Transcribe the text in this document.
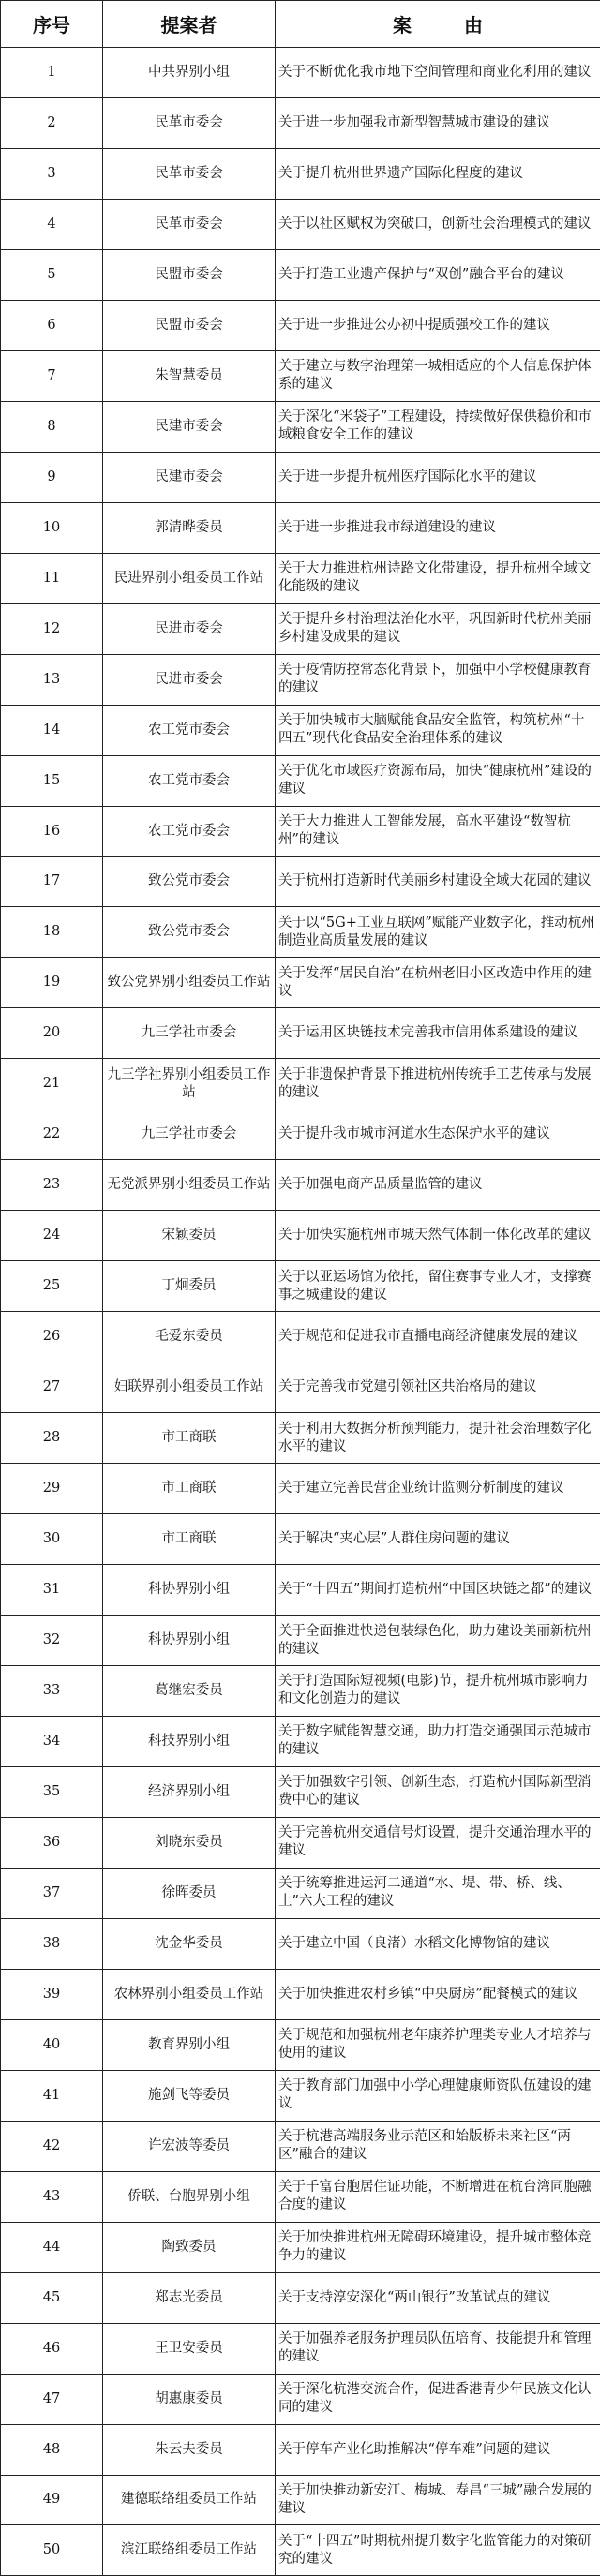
序号	提案者	案由
1	中共界别小组	关于不断优化我市地下空间管理和商业化利用的建议
2	民革市委会	关于进一步加强我市新型智慧城市建设的建议
3	民革市委会	关于提升杭州世界遗产国际化程度的建议
4	民革市委会	关于以社区赋权为突破口，创新社会治理模式的建议
5	民盟市委会	关于打造工业遗产保护与“双创”融合平台的建议
6	民盟市委会	关于进一步推进公办初中提质强校工作的建议
7	朱智慧委员	关于建立与数字治理第一城相适应的个人信息保护体系的建议
8	民建市委会	关于深化“米袋子”工程建设，持续做好保供稳价和市域粮食安全工作的建议
9	民建市委会	关于进一步提升杭州医疗国际化水平的建议
10	郭清晔委员	关于进一步推进我市绿道建设的建议
11	民进界别小组委员工作站	关于大力推进杭州诗路文化带建设，提升杭州全域文化能级的建议
12	民进市委会	关于提升乡村治理法治化水平，巩固新时代杭州美丽乡村建设成果的建议
13	民进市委会	关于疫情防控常态化背景下，加强中小学校健康教育的建议
14	农工党市委会	关于加快城市大脑赋能食品安全监管，构筑杭州“十四五”现代化食品安全治理体系的建议
15	农工党市委会	关于优化市域医疗资源布局，加快“健康杭州”建设的建议
16	农工党市委会	关于大力推进人工智能发展，高水平建设“数智杭州”的建议
17	致公党市委会	关于杭州打造新时代美丽乡村建设全域大花园的建议
18	致公党市委会	关于以“5G+工业互联网”赋能产业数字化，推动杭州制造业高质量发展的建议
19	致公党界别小组委员工作站	关于发挥“居民自治”在杭州老旧小区改造中作用的建议
20	九三学社市委会	关于运用区块链技术完善我市信用体系建设的建议
21	九三学社界别小组委员工作站	关于非遗保护背景下推进杭州传统手工艺传承与发展的建议
22	九三学社市委会	关于提升我市城市河道水生态保护水平的建议
23	无党派界别小组委员工作站	关于加强电商产品质量监管的建议
24	宋颖委员	关于加快实施杭州市城天然气体制一体化改革的建议
25	丁炯委员	关于以亚运场馆为依托，留住赛事专业人才，支撑赛事之城建设的建议
26	毛爱东委员	关于规范和促进我市直播电商经济健康发展的建议
27	妇联界别小组委员工作站	关于完善我市党建引领社区共治格局的建议
28	市工商联	关于利用大数据分析预判能力，提升社会治理数字化水平的建议
29	市工商联	关于建立完善民营企业统计监测分析制度的建议
30	市工商联	关于解决“夹心层”人群住房问题的建议
31	科协界别小组	关于“十四五”期间打造杭州“中国区块链之都”的建议
32	科协界别小组	关于全面推进快递包装绿色化，助力建设美丽新杭州的建议
33	葛继宏委员	关于打造国际短视频(电影)节，提升杭州城市影响力和文化创造力的建议
34	科技界别小组	关于数字赋能智慧交通，助力打造交通强国示范城市的建议
35	经济界别小组	关于加强数字引领、创新生态，打造杭州国际新型消费中心的建议
36	刘晓东委员	关于完善杭州交通信号灯设置，提升交通治理水平的建议
37	徐晖委员	关于统筹推进运河二通道“水、堤、带、桥、线、土”六大工程的建议
38	沈金华委员	关于建立中国（良渚）水稻文化博物馆的建议
39	农林界别小组委员工作站	关于加快推进农村乡镇“中央厨房”配餐模式的建议
40	教育界别小组	关于规范和加强杭州老年康养护理类专业人才培养与使用的建议
41	施剑飞等委员	关于教育部门加强中小学心理健康师资队伍建设的建议
42	许宏波等委员	关于杭港高端服务业示范区和始版桥未来社区“两区”融合的建议
43	侨联、台胞界别小组	关于千富台胞居住证功能，不断增进在杭台湾同胞融合度的建议
44	陶致委员	关于加快推进杭州无障碍环境建设，提升城市整体竞争力的建议
45	郑志光委员	关于支持淳安深化“两山银行”改革试点的建议
46	王卫安委员	关于加强养老服务护理员队伍培育、技能提升和管理的建议
47	胡惠康委员	关于深化杭港交流合作，促进香港青少年民族文化认同的建议
48	朱云夫委员	关于停车产业化助推解决“停车难”问题的建议
49	建德联络组委员工作站	关于加快推动新安江、梅城、寿昌“三城”融合发展的建议
50	滨江联络组委员工作站	关于“十四五”时期杭州提升数字化监管能力的对策研究的建议
